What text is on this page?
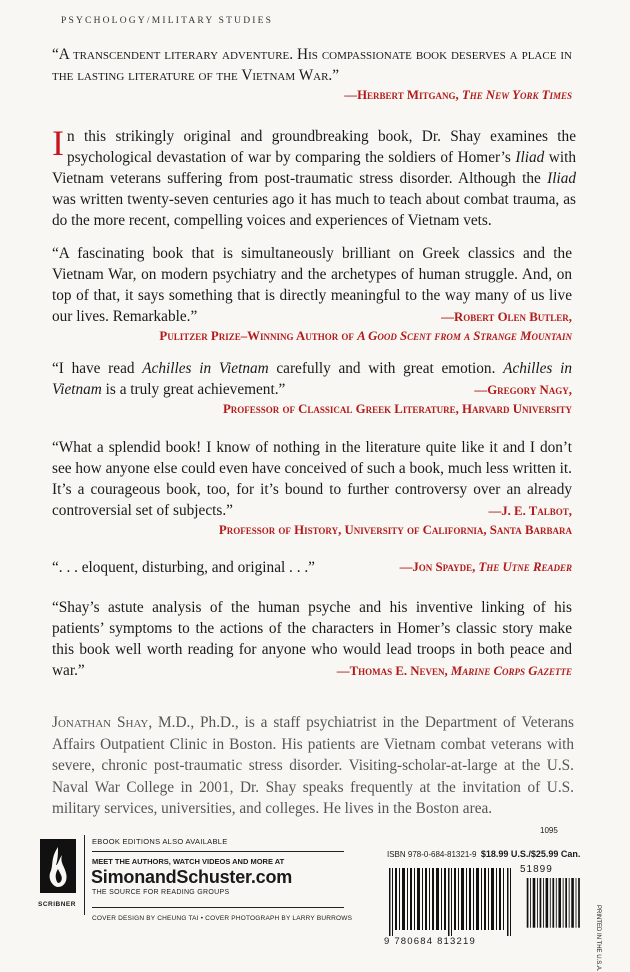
PSYCHOLOGY/MILITARY STUDIES

“A transcendent literary adventure. His compassionate book deserves a place in the lasting literature of the Vietnam War.”

—Herbert Mitgang, The New York Times

In this strikingly original and groundbreaking book, Dr. Shay examines the psychological devastation of war by comparing the soldiers of Homer’s Iliad with Vietnam veterans suffering from post-traumatic stress disorder. Although the Iliad was written twenty-seven centuries ago it has much to teach about combat trauma, as do the more recent, compelling voices and experiences of Vietnam vets.

“A fascinating book that is simultaneously brilliant on Greek classics and the Vietnam War, on modern psychiatry and the archetypes of human struggle. And, on top of that, it says something that is directly meaningful to the way many of us live our lives. Remarkable.”	—Robert Olen Butler,
Pulitzer Prize–Winning Author of A Good Scent from a Strange Mountain

“I have read Achilles in Vietnam carefully and with great emotion. Achilles in Vietnam is a truly great achievement.”	—Gregory Nagy,
Professor of Classical Greek Literature, Harvard University

“What a splendid book! I know of nothing in the literature quite like it and I don’t see how anyone else could even have conceived of such a book, much less written it. It’s a courageous book, too, for it’s bound to further controversy over an already controversial set of subjects.”	—J. E. Talbot,
Professor of History, University of California, Santa Barbara

“. . . eloquent, disturbing, and original . . .”	—Jon Spayde, The Utne Reader

“Shay’s astute analysis of the human psyche and his inventive linking of his patients’ symptoms to the actions of the characters in Homer’s classic story make this book well worth reading for anyone who would lead troops in both peace and war.”	—Thomas E. Neven, Marine Corps Gazette

Jonathan Shay, M.D., Ph.D., is a staff psychiatrist in the Department of Veterans Affairs Outpatient Clinic in Boston. His patients are Vietnam combat veterans with severe, chronic post-traumatic stress disorder. Visiting-scholar-at-large at the U.S. Naval War College in 2001, Dr. Shay speaks frequently at the invitation of U.S. military services, universities, and colleges. He lives in the Boston area.

1095
SCRIBNER
EBOOK EDITIONS ALSO AVAILABLE
MEET THE AUTHORS, WATCH VIDEOS AND MORE AT
SimonandSchuster.com
THE SOURCE FOR READING GROUPS
COVER DESIGN BY CHEUNG TAI • COVER PHOTOGRAPH BY LARRY BURROWS
ISBN 978-0-684-81321-9 $18.99 U.S./$25.99 Can.
9 780684 813219
51899
PRINTED IN THE U.S.A.
